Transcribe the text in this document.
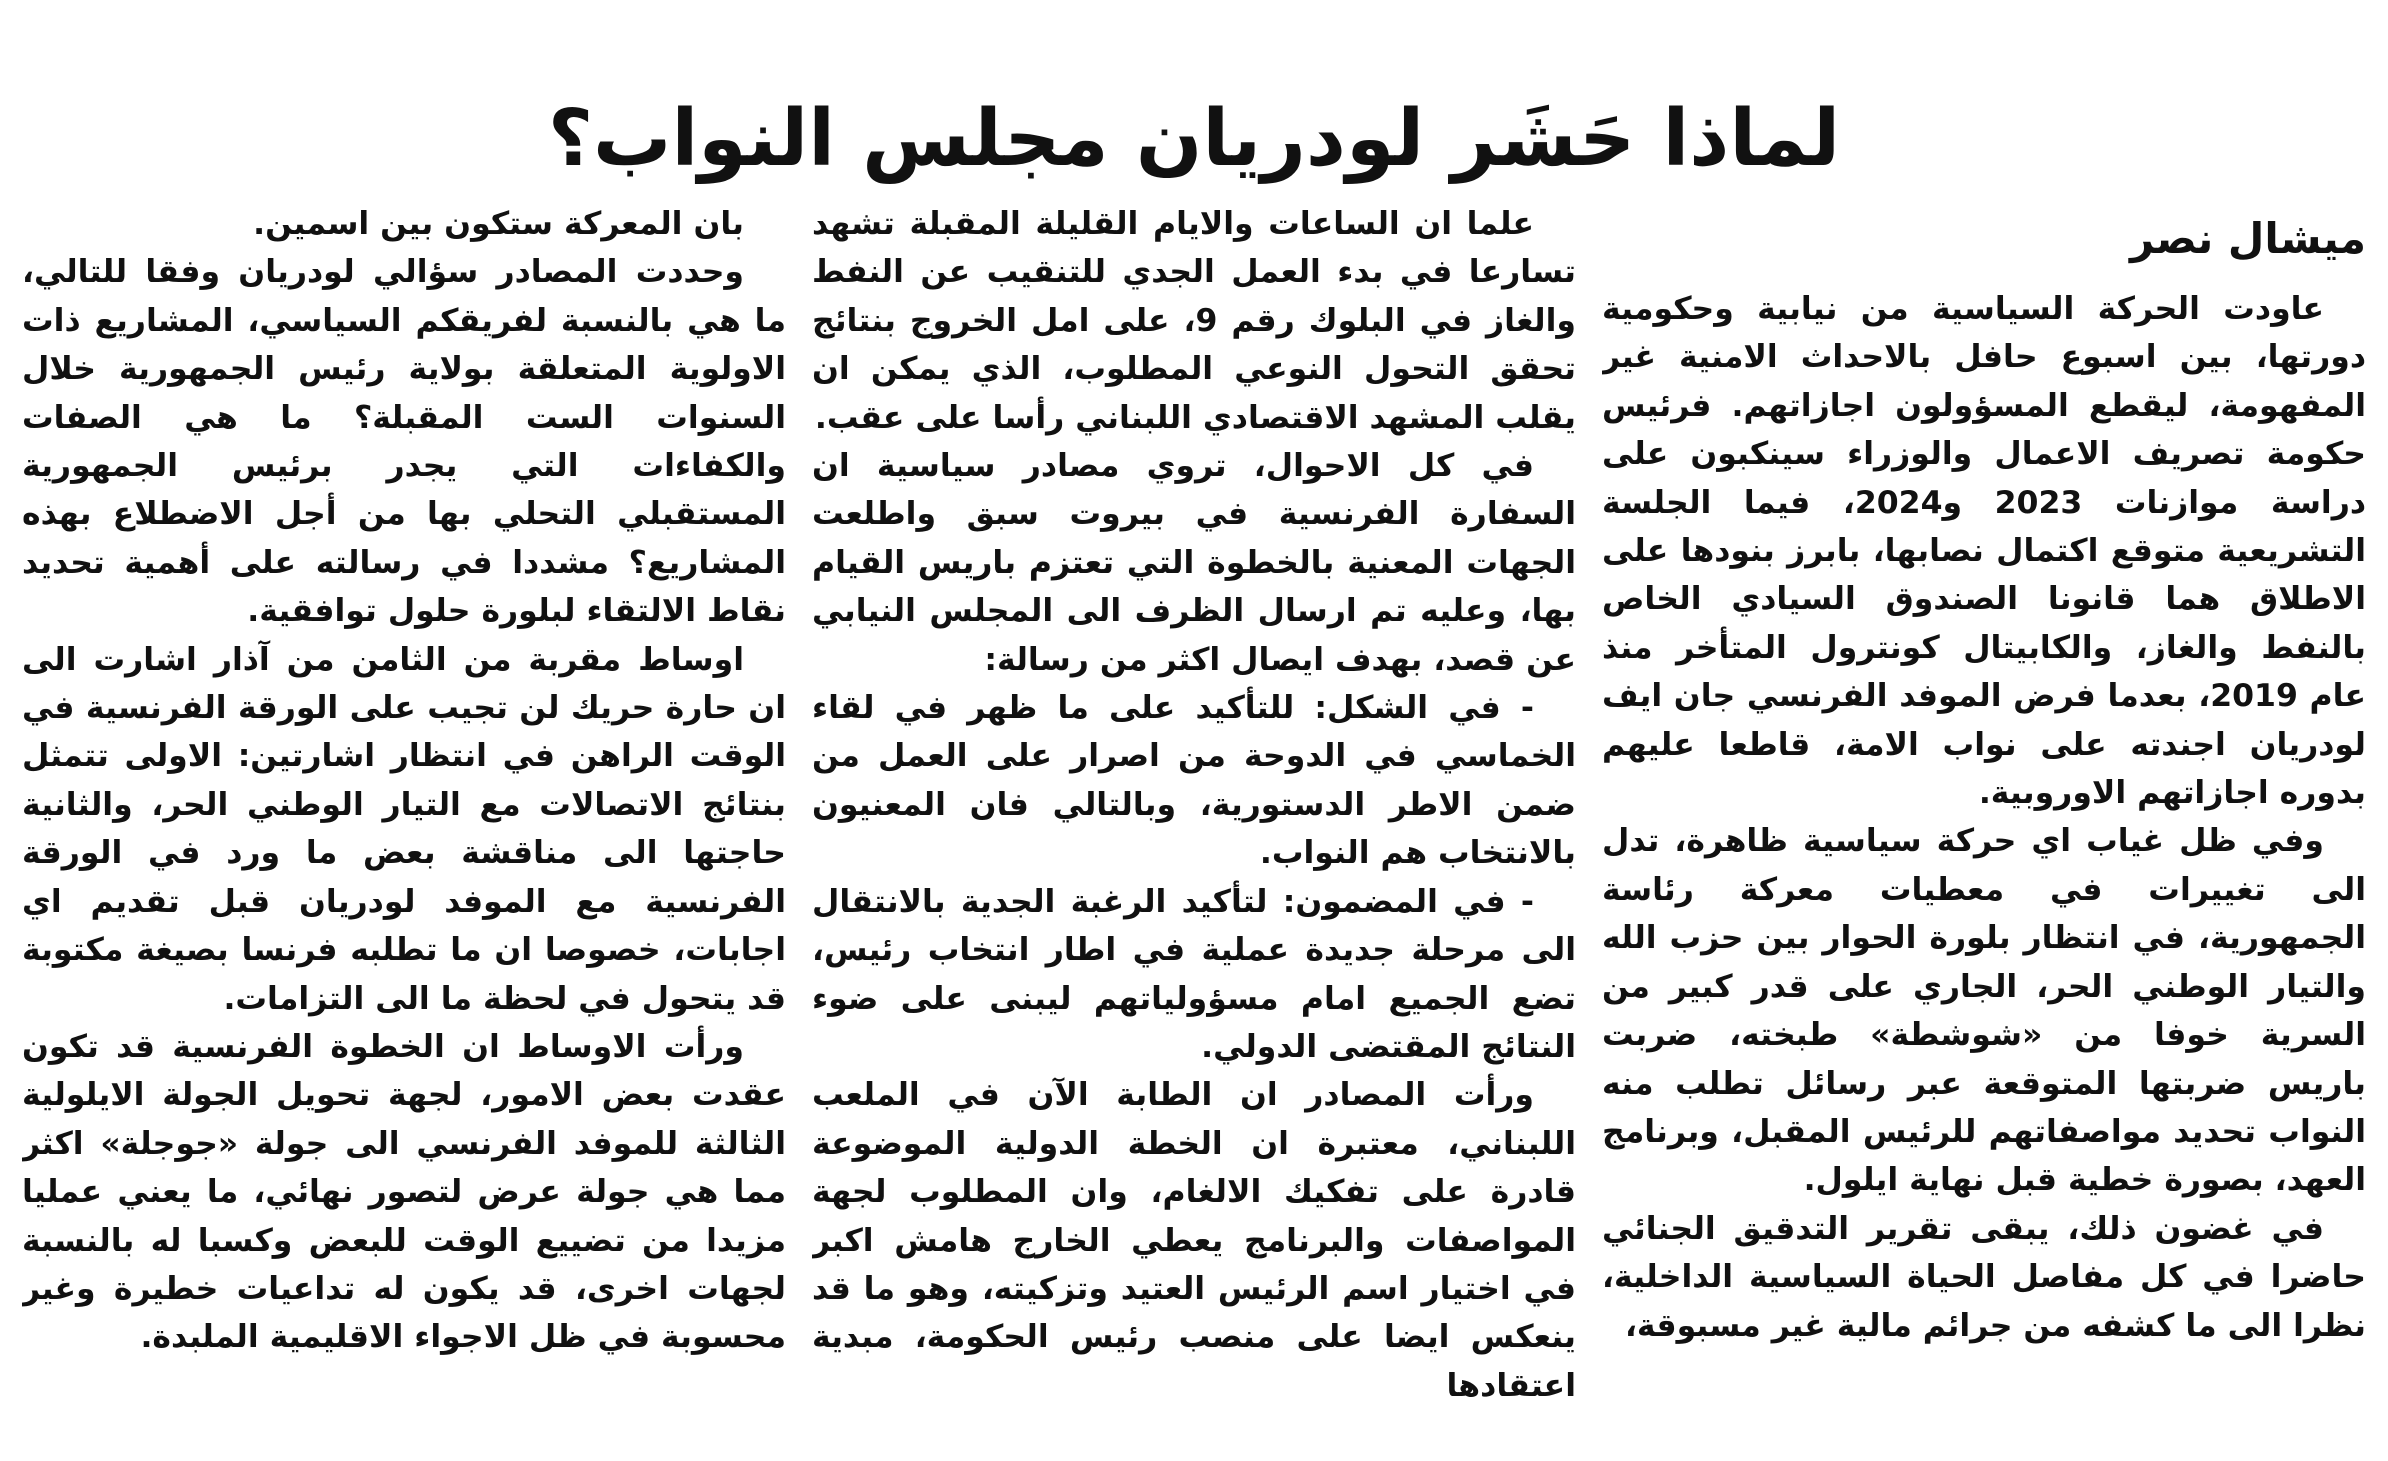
لماذا حَشَر لودريان مجلس النواب؟
ميشال نصر

عاودت الحركة السياسية من نيابية وحكومية دورتها، بين اسبوع حافل بالاحداث الامنية غير المفهومة، ليقطع المسؤولون اجازاتهم. فرئيس حكومة تصريف الاعمال والوزراء سينكبون على دراسة موازنات 2023 و2024، فيما الجلسة التشريعية متوقع اكتمال نصابها، بابرز بنودها على الاطلاق هما قانونا الصندوق السيادي الخاص بالنفط والغاز، والكابيتال كونترول المتأخر منذ عام 2019، بعدما فرض الموفد الفرنسي جان ايف لودريان اجندته على نواب الامة، قاطعا عليهم بدوره اجازاتهم الاوروبية.

وفي ظل غياب اي حركة سياسية ظاهرة، تدل الى تغييرات في معطيات معركة رئاسة الجمهورية، في انتظار بلورة الحوار بين حزب الله والتيار الوطني الحر، الجاري على قدر كبير من السرية خوفا من «شوشطة» طبخته، ضربت باريس ضربتها المتوقعة عبر رسائل تطلب منه النواب تحديد مواصفاتهم للرئيس المقبل، وبرنامج العهد، بصورة خطية قبل نهاية ايلول.

في غضون ذلك، يبقى تقرير التدقيق الجنائي حاضرا في كل مفاصل الحياة السياسية الداخلية، نظرا الى ما كشفه من جرائم مالية غير مسبوقة،

علما ان الساعات والايام القليلة المقبلة تشهد تسارعا في بدء العمل الجدي للتنقيب عن النفط والغاز في البلوك رقم 9، على امل الخروج بنتائج تحقق التحول النوعي المطلوب، الذي يمكن ان يقلب المشهد الاقتصادي اللبناني رأسا على عقب.

في كل الاحوال، تروي مصادر سياسية ان السفارة الفرنسية في بيروت سبق واطلعت الجهات المعنية بالخطوة التي تعتزم باريس القيام بها، وعليه تم ارسال الظرف الى المجلس النيابي عن قصد، بهدف ايصال اكثر من رسالة:

- في الشكل: للتأكيد على ما ظهر في لقاء الخماسي في الدوحة من اصرار على العمل من ضمن الاطر الدستورية، وبالتالي فان المعنيون بالانتخاب هم النواب.

- في المضمون: لتأكيد الرغبة الجدية بالانتقال الى مرحلة جديدة عملية في اطار انتخاب رئيس، تضع الجميع امام مسؤولياتهم ليبنى على ضوء النتائج المقتضى الدولي.

ورأت المصادر ان الطابة الآن في الملعب اللبناني، معتبرة ان الخطة الدولية الموضوعة قادرة على تفكيك الالغام، وان المطلوب لجهة المواصفات والبرنامج يعطي الخارج هامش اكبر في اختيار اسم الرئيس العتيد وتزكيته، وهو ما قد ينعكس ايضا على منصب رئيس الحكومة، مبدية اعتقادها

بان المعركة ستكون بين اسمين.

وحددت المصادر سؤالي لودريان وفقا للتالي، ما هي بالنسبة لفريقكم السياسي، المشاريع ذات الاولوية المتعلقة بولاية رئيس الجمهورية خلال السنوات الست المقبلة؟ ما هي الصفات والكفاءات التي يجدر برئيس الجمهورية المستقبلي التحلي بها من أجل الاضطلاع بهذه المشاريع؟ مشددا في رسالته على أهمية تحديد نقاط الالتقاء لبلورة حلول توافقية.

اوساط مقربة من الثامن من آذار اشارت الى ان حارة حريك لن تجيب على الورقة الفرنسية في الوقت الراهن في انتظار اشارتين: الاولى تتمثل بنتائج الاتصالات مع التيار الوطني الحر، والثانية حاجتها الى مناقشة بعض ما ورد في الورقة الفرنسية مع الموفد لودريان قبل تقديم اي اجابات، خصوصا ان ما تطلبه فرنسا بصيغة مكتوبة قد يتحول في لحظة ما الى التزامات.

ورأت الاوساط ان الخطوة الفرنسية قد تكون عقدت بعض الامور، لجهة تحويل الجولة الايلولية الثالثة للموفد الفرنسي الى جولة «جوجلة» اكثر مما هي جولة عرض لتصور نهائي، ما يعني عمليا مزيدا من تضييع الوقت للبعض وكسبا له بالنسبة لجهات اخرى، قد يكون له تداعيات خطيرة وغير محسوبة في ظل الاجواء الاقليمية الملبدة.
